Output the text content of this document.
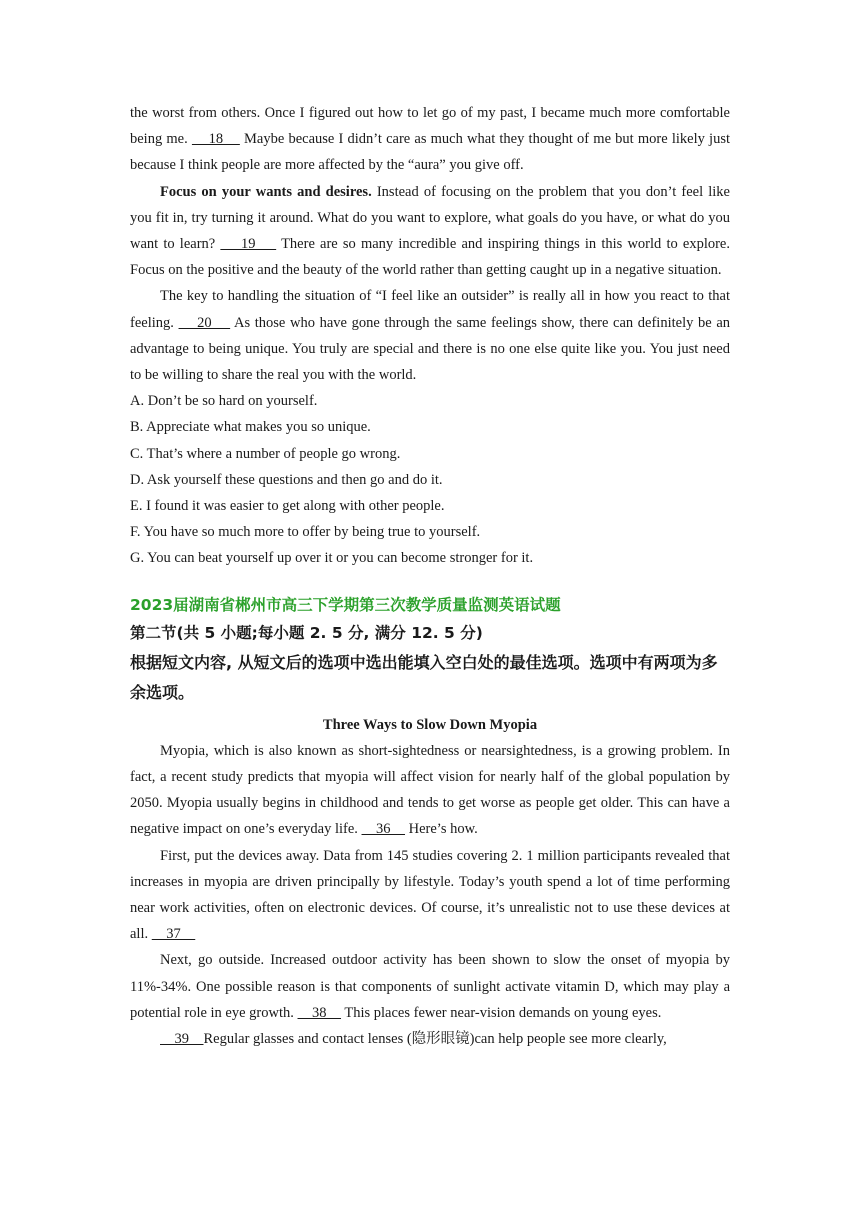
the worst from others. Once I figured out how to let go of my past, I became much more comfortable being me.     18     Maybe because I didn’t care as much what they thought of me but more likely just because I think people are more affected by the “aura” you give off.

Focus on your wants and desires. Instead of focusing on the problem that you don’t feel like you fit in, try turning it around. What do you want to explore, what goals do you have, or what do you want to learn?     19     There are so many incredible and inspiring things in this world to explore. Focus on the positive and the beauty of the world rather than getting caught up in a negative situation.

The key to handling the situation of “I feel like an outsider” is really all in how you react to that feeling.     20     As those who have gone through the same feelings show, there can definitely be an advantage to being unique. You truly are special and there is no one else quite like you. You just need to be willing to share the real you with the world.

A. Don’t be so hard on yourself.

B. Appreciate what makes you so unique.

C. That’s where a number of people go wrong.

D. Ask yourself these questions and then go and do it.

E. I found it was easier to get along with other people.

F. You have so much more to offer by being true to yourself.

G. You can beat yourself up over it or you can become stronger for it.

2023届湖南省郴州市高三下学期第三次教学质量监测英语试题

第二节(共 5 小题;每小题 2. 5 分, 满分 12. 5 分)

根据短文内容, 从短文后的选项中选出能填入空白处的最佳选项。选项中有两项为多余选项。

Three Ways to Slow Down Myopia

Myopia, which is also known as short-sightedness or nearsightedness, is a growing problem. In fact, a recent study predicts that myopia will affect vision for nearly half of the global population by 2050. Myopia usually begins in childhood and tends to get worse as people get older. This can have a negative impact on one’s everyday life.     36     Here’s how.

First, put the devices away. Data from 145 studies covering 2. 1 million participants revealed that increases in myopia are driven principally by lifestyle. Today’s youth spend a lot of time performing near work activities, often on electronic devices. Of course, it’s unrealistic not to use these devices at all.     37

Next, go outside. Increased outdoor activity has been shown to slow the onset of myopia by 11%-34%. One possible reason is that components of sunlight activate vitamin D, which may play a potential role in eye growth.     38     This places fewer near-vision demands on young eyes.

39    Regular glasses and contact lenses (隐形眼镜)can help people see more clearly,
